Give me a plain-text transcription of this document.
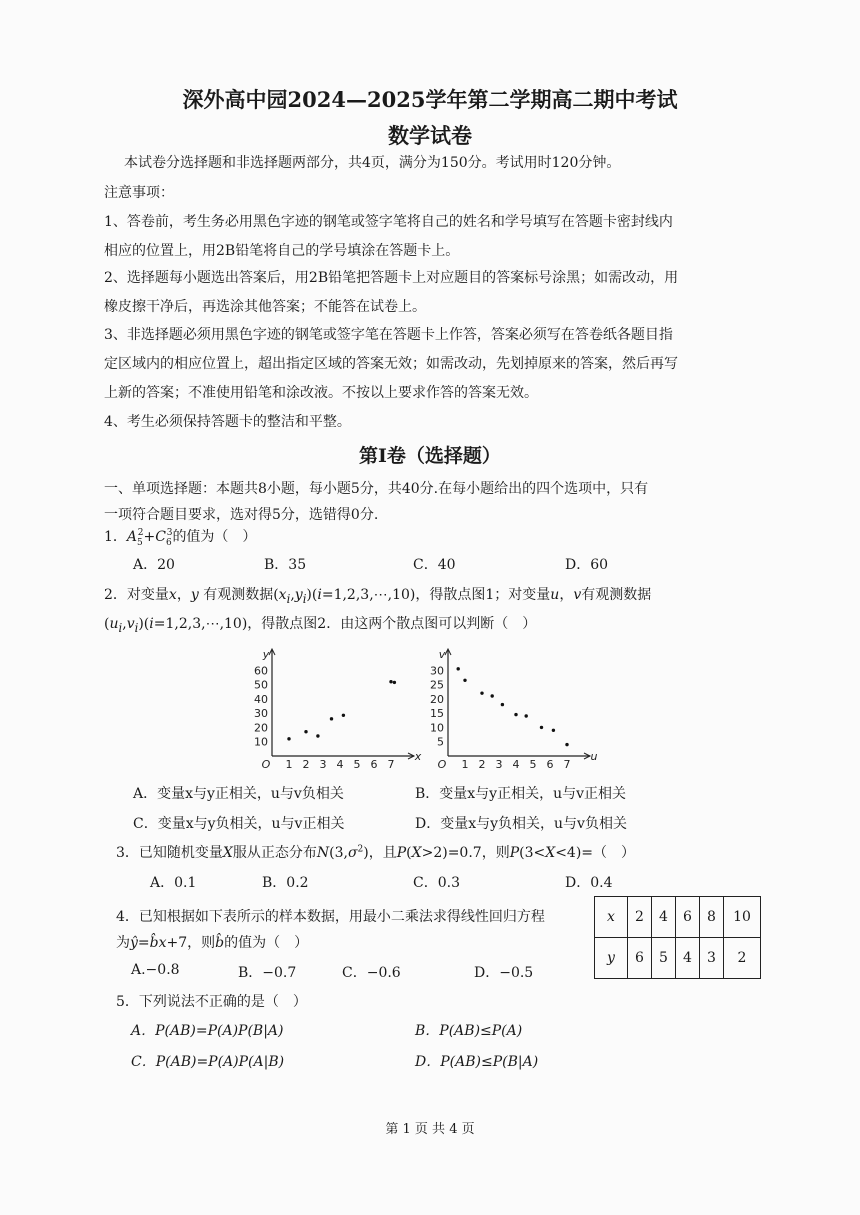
深外高中园2024—2025学年第二学期高二期中考试
数学试卷
本试卷分选择题和非选择题两部分，共4页，满分为150分。考试用时120分钟。
注意事项：
1、答卷前，考生务必用黑色字迹的钢笔或签字笔将自己的姓名和学号填写在答题卡密封线内
相应的位置上，用2B铅笔将自己的学号填涂在答题卡上。
2、选择题每小题选出答案后，用2B铅笔把答题卡上对应题目的答案标号涂黑；如需改动，用
橡皮擦干净后，再选涂其他答案；不能答在试卷上。
3、非选择题必须用黑色字迹的钢笔或签字笔在答题卡上作答，答案必须写在答卷纸各题目指
定区域内的相应位置上，超出指定区域的答案无效；如需改动，先划掉原来的答案，然后再写
上新的答案；不准使用铅笔和涂改液。不按以上要求作答的答案无效。
4、考生必须保持答题卡的整洁和平整。
第Ⅰ卷（选择题）
一、单项选择题：本题共8小题，每小题5分，共40分.在每小题给出的四个选项中，只有
一项符合题目要求，选对得5分，选错得0分.
1．$A_5^2+C_6^3$的值为（　）
A．20	B．35	C．40	D．60
2．对变量x，y 有观测数据$(x_i,y_i)(i=1,2,3,\cdots,10)$，得散点图1；对变量u，v有观测数据
$(u_i,v_i)(i=1,2,3,\cdots,10)$，得散点图2．由这两个散点图可以判断（　）
y
x
O 1 2 3 4 5 6 7
10
20
30
40
50
60
v
u
O 1 2 3 4 5 6 7
5
10
15
20
25
30
A．变量x与y正相关，u与v负相关	B．变量x与y正相关，u与v正相关
C．变量x与y负相关，u与v正相关	D．变量x与y负相关，u与v负相关
3．已知随机变量X服从正态分布$N(3,\sigma^2)$，且P(X>2)=0.7，则P(3<X<4)=（　）
A．0.1	B．0.2	C．0.3	D．0.4
4．已知根据如下表所示的样本数据，用最小二乘法求得线性回归方程
为ŷ=b̂x+7，则b̂的值为（　）
A.−0.8	B．−0.7	C．−0.6	D．−0.5
x	2	4	6	8	10
y	6	5	4	3	2
5．下列说法不正确的是（　）
A．P(AB)=P(A)P(B|A)	B．P(AB)≤P(A)
C．P(AB)=P(A)P(A|B)	D．P(AB)≤P(B|A)
第 1 页 共 4 页
